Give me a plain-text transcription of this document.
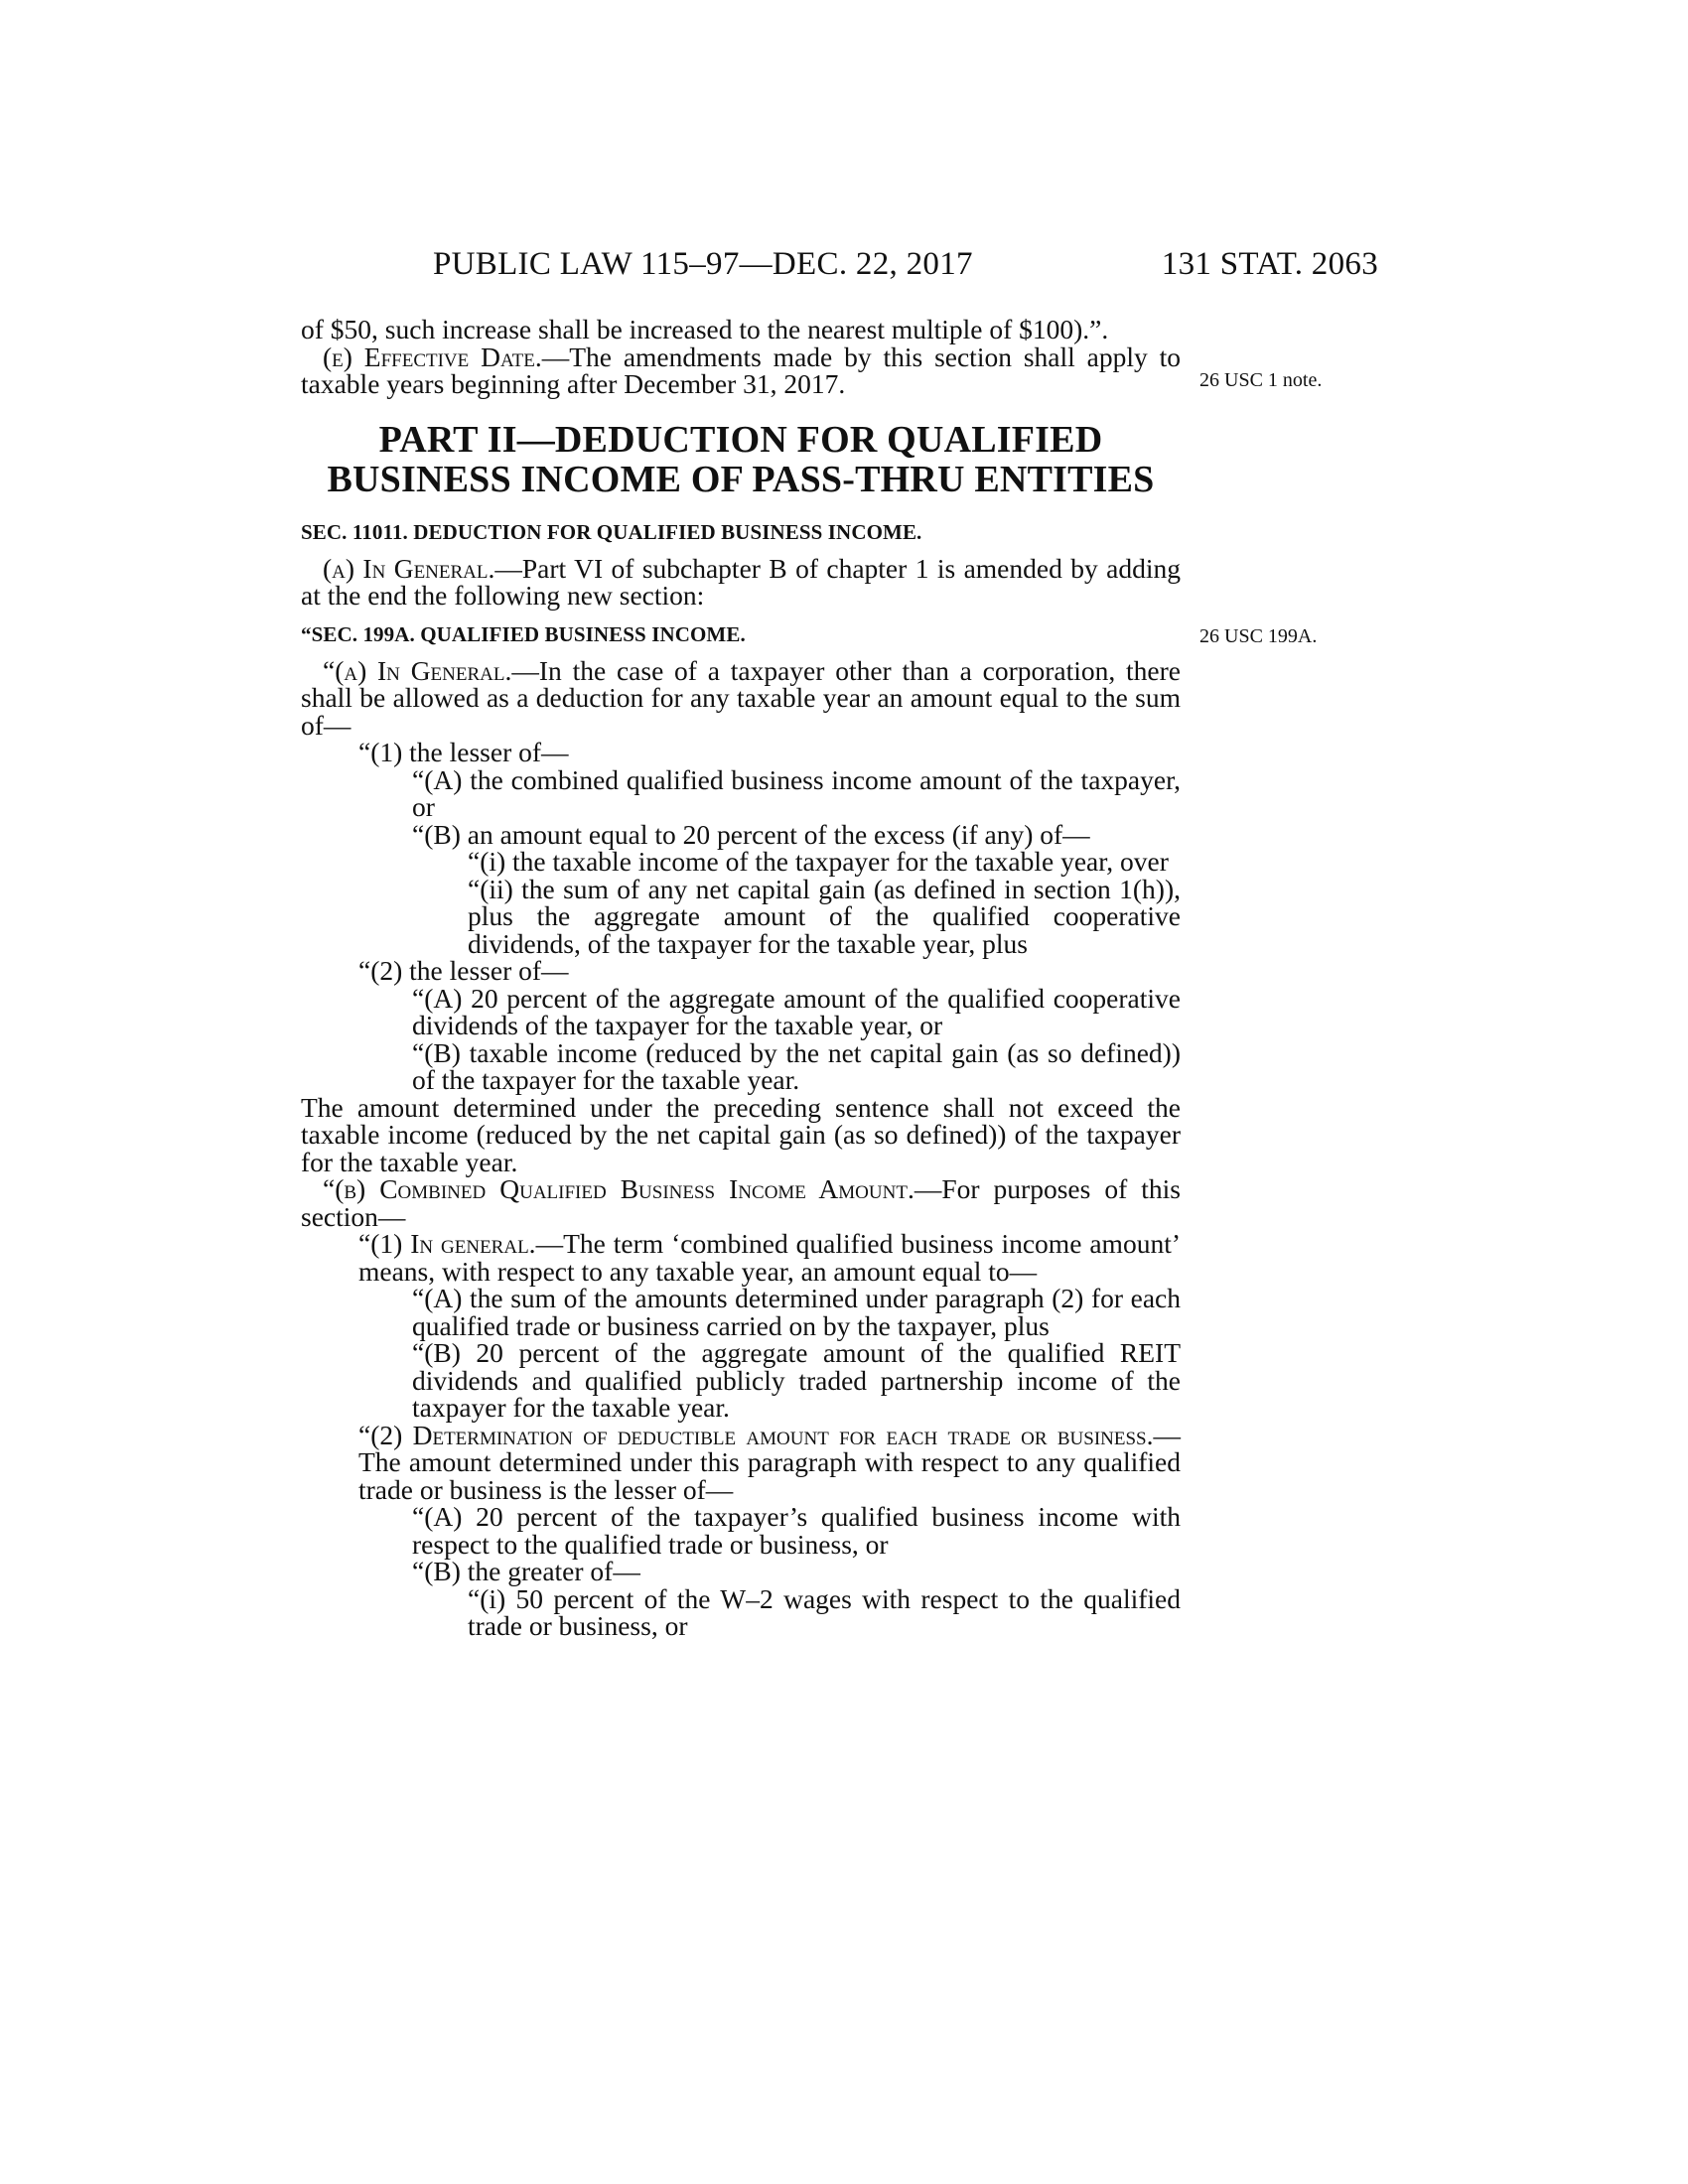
PUBLIC LAW 115–97—DEC. 22, 2017	131 STAT. 2063
26 USC 1 note.
26 USC 199A.

of $50, such increase shall be increased to the nearest multiple of $100).”.

(e) Effective Date.—The amendments made by this section shall apply to taxable years beginning after December 31, 2017.

PART II—DEDUCTION FOR QUALIFIED
BUSINESS INCOME OF PASS-THRU ENTITIES
SEC. 11011. DEDUCTION FOR QUALIFIED BUSINESS INCOME.

(a) In General.—Part VI of subchapter B of chapter 1 is amended by adding at the end the following new section:

“SEC. 199A. QUALIFIED BUSINESS INCOME.

“(a) In General.—In the case of a taxpayer other than a corporation, there shall be allowed as a deduction for any taxable year an amount equal to the sum of—

“(1) the lesser of—

“(A) the combined qualified business income amount of the taxpayer, or

“(B) an amount equal to 20 percent of the excess (if any) of—

“(i) the taxable income of the taxpayer for the taxable year, over

“(ii) the sum of any net capital gain (as defined in section 1(h)), plus the aggregate amount of the qualified cooperative dividends, of the taxpayer for the taxable year, plus

“(2) the lesser of—

“(A) 20 percent of the aggregate amount of the qualified cooperative dividends of the taxpayer for the taxable year, or

“(B) taxable income (reduced by the net capital gain (as so defined)) of the taxpayer for the taxable year.

The amount determined under the preceding sentence shall not exceed the taxable income (reduced by the net capital gain (as so defined)) of the taxpayer for the taxable year.

“(b) Combined Qualified Business Income Amount.—For purposes of this section—

“(1) In general.—The term ‘combined qualified business income amount’ means, with respect to any taxable year, an amount equal to—

“(A) the sum of the amounts determined under paragraph (2) for each qualified trade or business carried on by the taxpayer, plus

“(B) 20 percent of the aggregate amount of the qualified REIT dividends and qualified publicly traded partnership income of the taxpayer for the taxable year.

“(2) Determination of deductible amount for each trade or business.—The amount determined under this paragraph with respect to any qualified trade or business is the lesser of—

“(A) 20 percent of the taxpayer’s qualified business income with respect to the qualified trade or business, or

“(B) the greater of—

“(i) 50 percent of the W–2 wages with respect to the qualified trade or business, or
